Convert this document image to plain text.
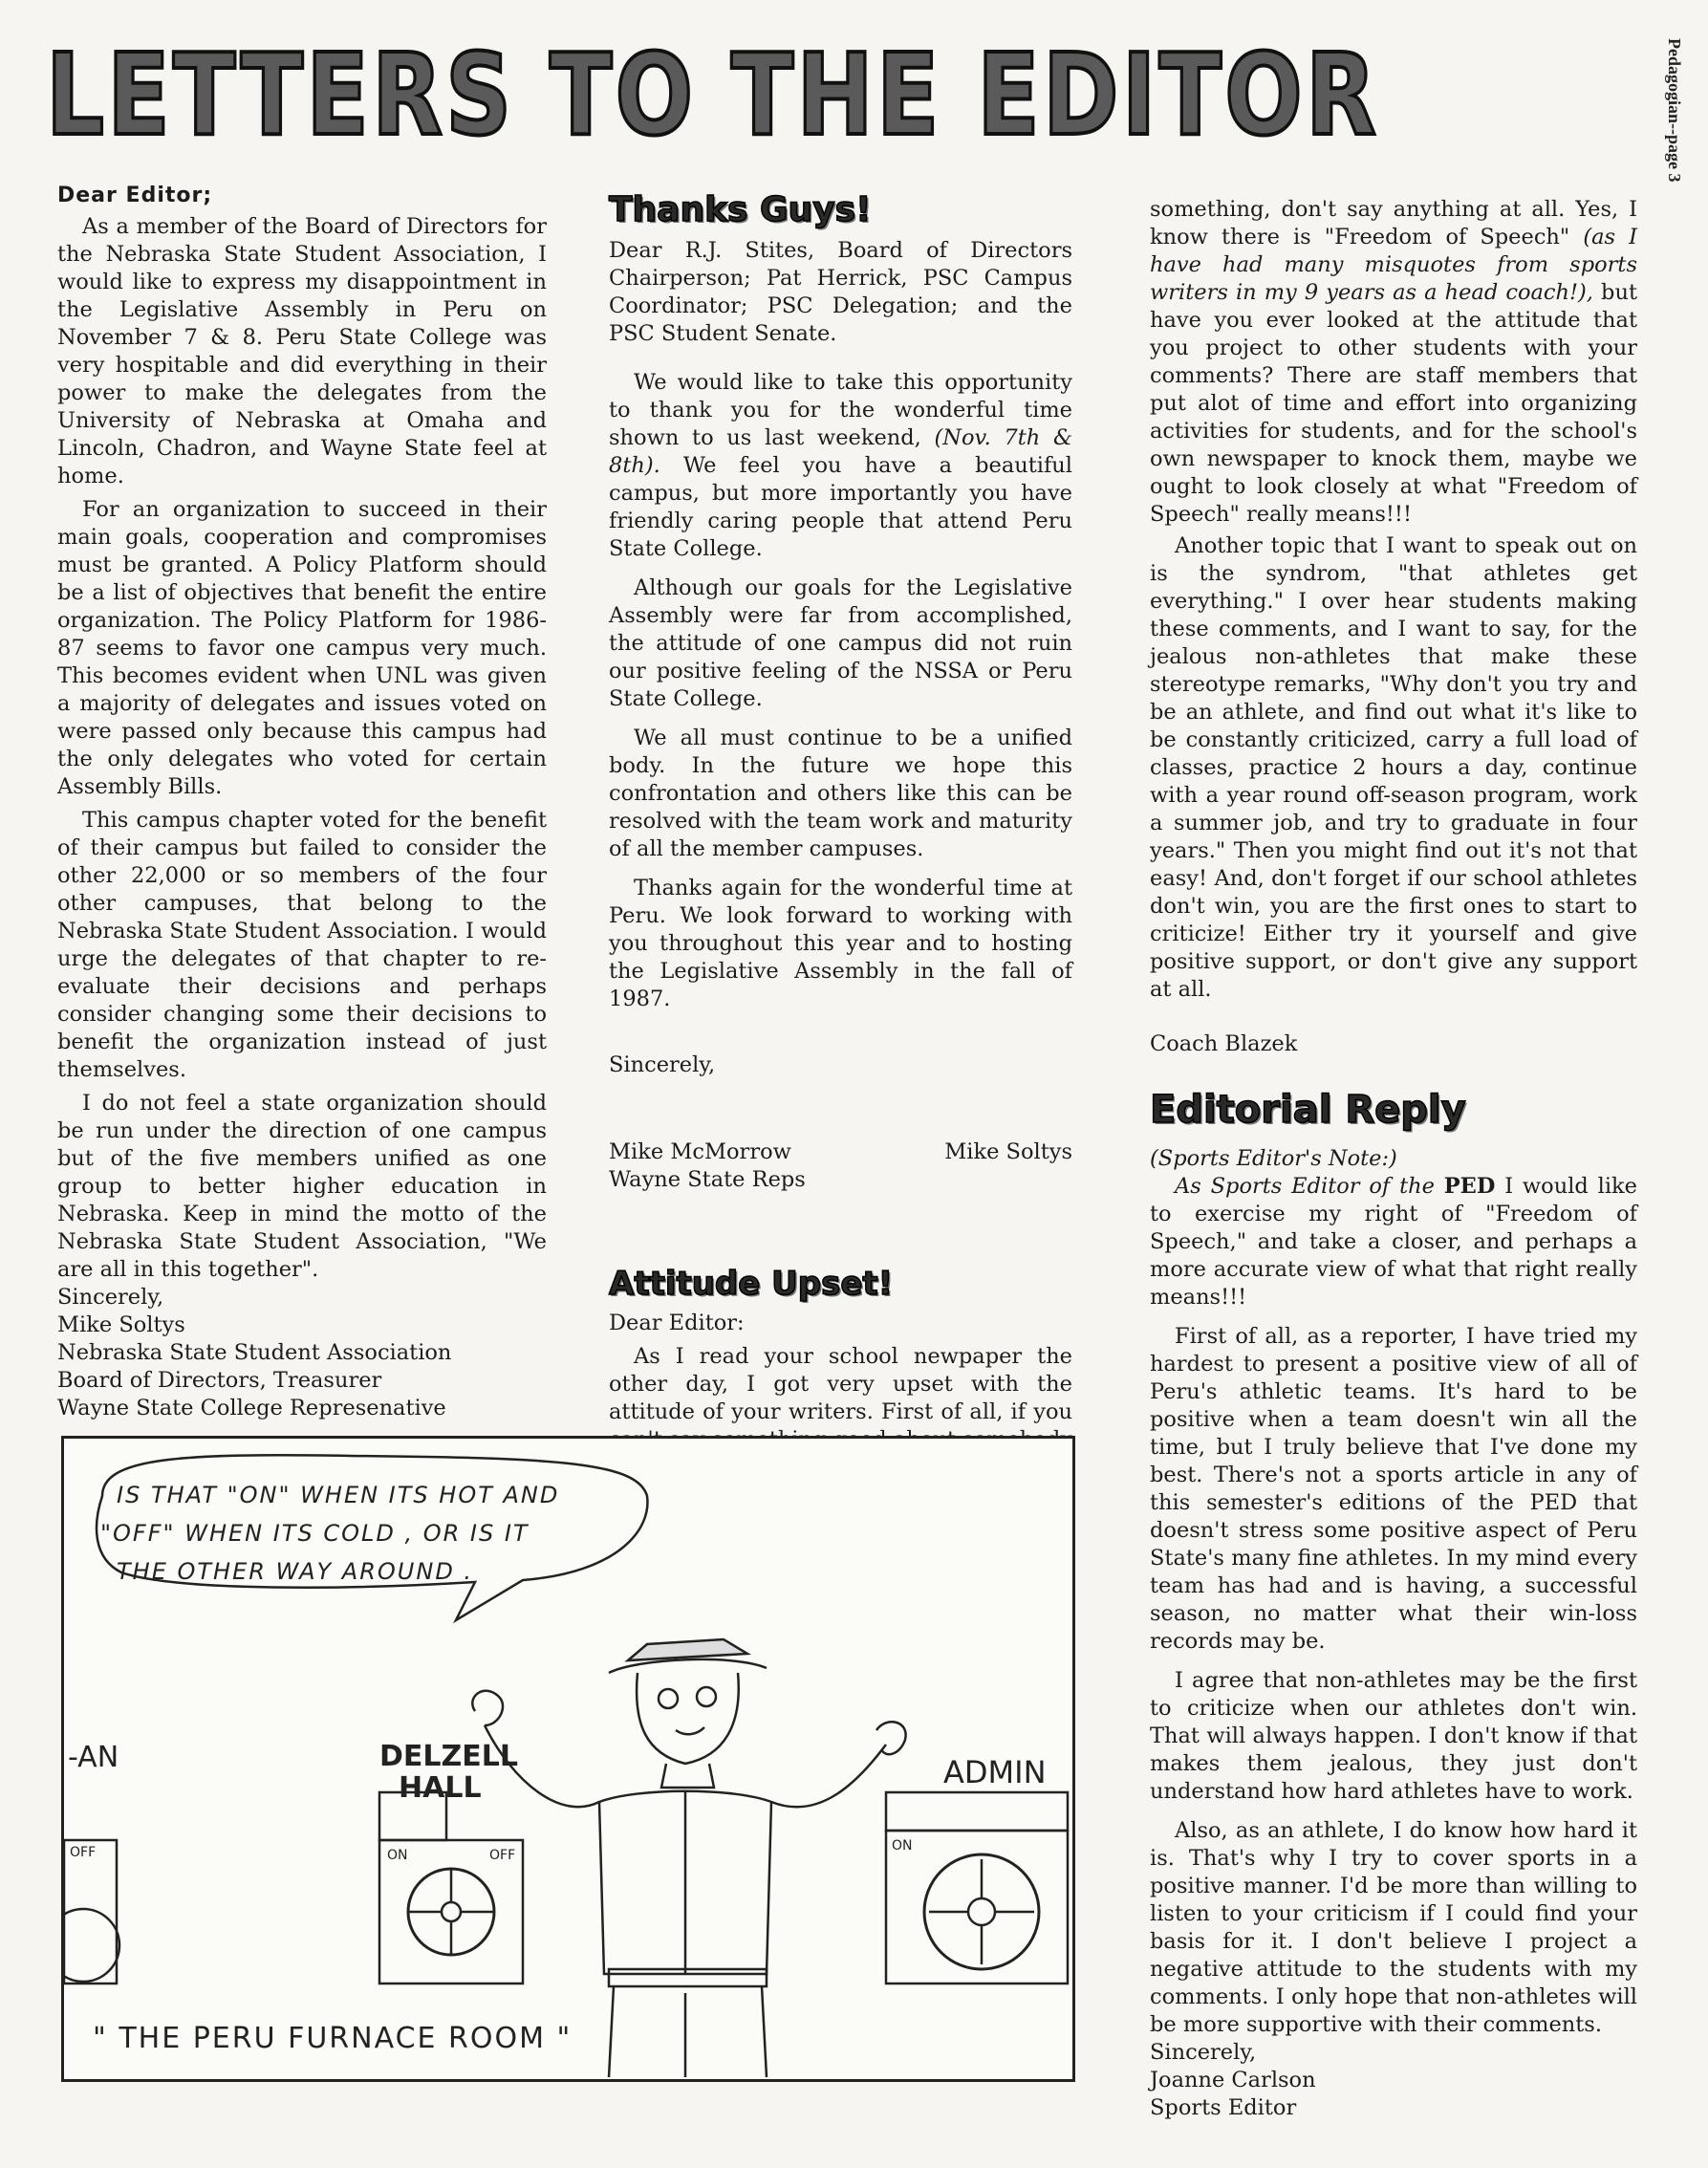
LETTERS TO THE EDITOR	Pedagogian--page 3

Dear Editor;

As a member of the Board of Directors for the Nebraska State Student Association, I would like to express my disappointment in the Legislative Assembly in Peru on November 7 & 8. Peru State College was very hospitable and did everything in their power to make the delegates from the University of Nebraska at Omaha and Lincoln, Chadron, and Wayne State feel at home.

For an organization to succeed in their main goals, cooperation and compromises must be granted. A Policy Platform should be a list of objectives that benefit the entire organization. The Policy Platform for 1986-87 seems to favor one campus very much. This becomes evident when UNL was given a majority of delegates and issues voted on were passed only because this campus had the only delegates who voted for certain Assembly Bills.

This campus chapter voted for the benefit of their campus but failed to consider the other 22,000 or so members of the four other campuses, that belong to the Nebraska State Student Association. I would urge the delegates of that chapter to re-evaluate their decisions and perhaps consider changing some their decisions to benefit the organization instead of just themselves.

I do not feel a state organization should be run under the direction of one campus but of the five members unified as one group to better higher education in Nebraska. Keep in mind the motto of the Nebraska State Student Association, "We are all in this together".

Sincerely,
Mike Soltys
Nebraska State Student Association
Board of Directors, Treasurer
Wayne State College Represenative
Thanks Guys!

Dear R.J. Stites, Board of Directors Chairperson; Pat Herrick, PSC Campus Coordinator; PSC Delegation; and the PSC Student Senate.

We would like to take this opportunity to thank you for the wonderful time shown to us last weekend, (Nov. 7th & 8th). We feel you have a beautiful campus, but more importantly you have friendly caring people that attend Peru State College.

Although our goals for the Legislative Assembly were far from accomplished, the attitude of one campus did not ruin our positive feeling of the NSSA or Peru State College.

We all must continue to be a unified body. In the future we hope this confrontation and others like this can be resolved with the team work and maturity of all the member campuses.

Thanks again for the wonderful time at Peru. We look forward to working with you throughout this year and to hosting the Legislative Assembly in the fall of 1987.

Sincerely,

Mike McMorrow	Mike Soltys
Wayne State Reps
Attitude Upset!

Dear Editor:

As I read your school newpaper the other day, I got very upset with the attitude of your writers. First of all, if you

something, don't say anything at all. Yes, I know there is "Freedom of Speech" (as I have had many misquotes from sports writers in my 9 years as a head coach!), but have you ever looked at the attitude that you project to other students with your comments? There are staff members that put alot of time and effort into organizing activities for students, and for the school's own newspaper to knock them, maybe we ought to look closely at what "Freedom of Speech" really means!!!

Another topic that I want to speak out on is the syndrom, "that athletes get everything." I over hear students making these comments, and I want to say, for the jealous non-athletes that make these stereotype remarks, "Why don't you try and be an athlete, and find out what it's like to be constantly criticized, carry a full load of classes, practice 2 hours a day, continue with a year round off-season program, work a summer job, and try to graduate in four years." Then you might find out it's not that easy! And, don't forget if our school athletes don't win, you are the first ones to start to criticize! Either try it yourself and give positive support, or don't give any support at all.

Coach Blazek

Editorial Reply

(Sports Editor's Note:)

As Sports Editor of the PED I would like to exercise my right of "Freedom of Speech," and take a closer, and perhaps a more accurate view of what that right really means!!!

First of all, as a reporter, I have tried my hardest to present a positive view of all of Peru's athletic teams. It's hard to be positive when a team doesn't win all the time, but I truly believe that I've done my best. There's not a sports article in any of this semester's editions of the PED that doesn't stress some positive aspect of Peru State's many fine athletes. In my mind every team has had and is having, a successful season, no matter what their win-loss records may be.

I agree that non-athletes may be the first to criticize when our athletes don't win. That will always happen. I don't know if that makes them jealous, they just don't understand how hard athletes have to work.

Also, as an athlete, I do know how hard it is. That's why I try to cover sports in a positive manner. I'd be more than willing to listen to your criticism if I could find your basis for it. I don't believe I project a negative attitude to the students with my comments. I only hope that non-athletes will be more supportive with their comments.

Sincerely,
Joanne Carlson
Sports Editor
IS THAT "ON" WHEN ITS HOT AND
"OFF" WHEN ITS COLD , OR IS IT
THE OTHER WAY AROUND .
-AN	DELZELL
HALL	ADMIN
OFF	ON	OFF
ON
" THE PERU FURNACE ROOM "
